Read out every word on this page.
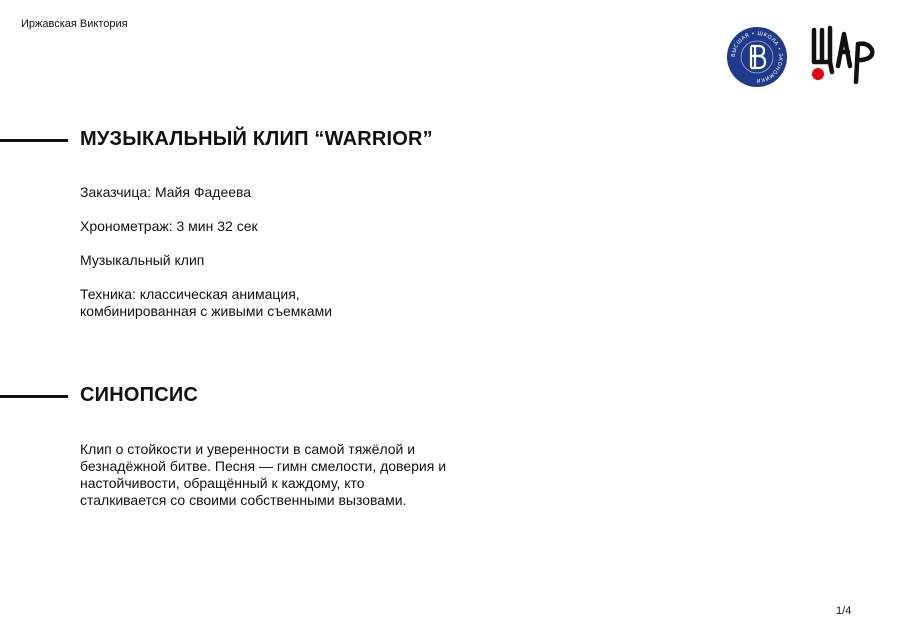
Иржавская Виктория
ВЫСШАЯ • ШКОЛА • ЭКОНОМИКИ
МУЗЫКАЛЬНЫЙ КЛИП “WARRIOR”

Заказчица: Майя Фадеева

Хронометраж: 3 мин 32 сек

Музыкальный клип

Техника: классическая анимация, комбинированная с живыми съемками

СИНОПСИС

Клип о стойкости и уверенности в самой тяжёлой и безнадёжной битве. Песня — гимн смелости, доверия и настойчивости, обращённый к каждому, кто сталкивается со своими собственными вызовами.

1/4
